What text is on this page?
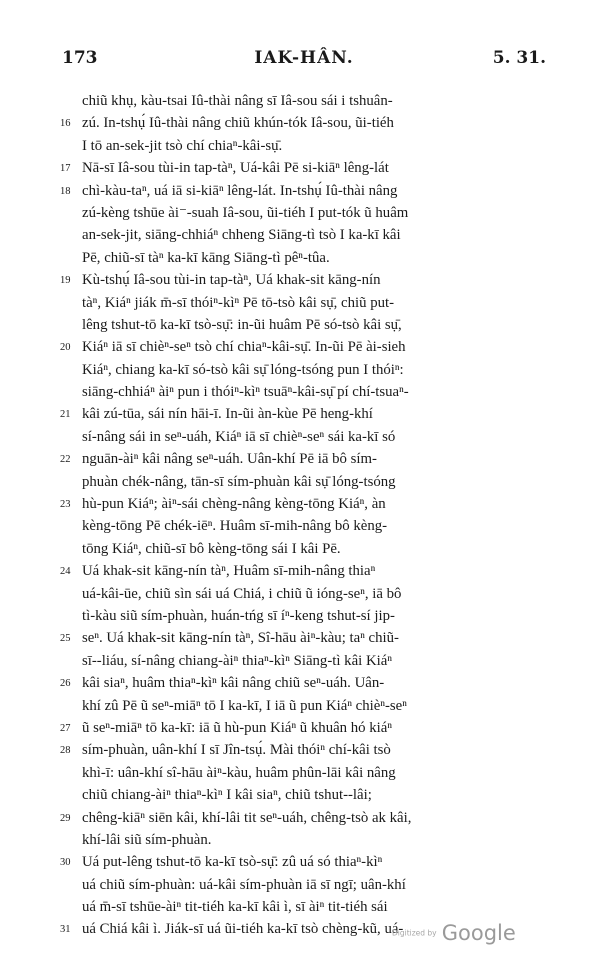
173	IAK-HÂN.	5. 31.
chiũ khụ, kàu-tsai Iû-thài nâng sī Iâ-sou sái i tshuân-
16 zú. In-tshụ́ Iû-thài nâng chiũ khún-tók Iâ-sou, ũi-tiéh
I tō an-sek-jit tsò chí chiaⁿ-kâi-sụ̄.
17 Nā-sī Iâ-sou tùi-in tap-tàⁿ, Uá-kâi Pē si-kiāⁿ lêng-lát
18 chì-kàu-taⁿ, uá iā si-kiāⁿ lêng-lát. In-tshụ́ Iû-thài nâng
zú-kèng tshūe ài⁻-suah Iâ-sou, ũi-tiéh I put-tók ũ huâm
an-sek-jit, siāng-chhiáⁿ chheng Siāng-tì tsò I ka-kī kâi
Pē, chiũ-sī tàⁿ ka-kī kāng Siāng-tì pêⁿ-tûa.
19 Kù-tshụ́ Iâ-sou tùi-in tap-tàⁿ, Uá khak-sit kāng-nín
tàⁿ, Kiáⁿ jiák m̄-sī thóiⁿ-kìⁿ Pē tō-tsò kâi sụ̄, chiũ put-
lêng tshut-tō ka-kī tsò-sụ̄: in-ũi huâm Pē só-tsò kâi sụ̄,
20 Kiáⁿ iā sī chièⁿ-seⁿ tsò chí chiaⁿ-kâi-sụ̄. In-ũi Pē ài-sieh
Kiáⁿ, chiang ka-kī só-tsò kâi sụ̄ lóng-tsóng pun I thóiⁿ:
siāng-chhiáⁿ àiⁿ pun i thóiⁿ-kìⁿ tsuāⁿ-kâi-sụ̄ pí chí-tsuaⁿ-
21 kâi zú-tūa, sái nín hāi-ī. In-ũi àn-kùe Pē heng-khí
sí-nâng sái in seⁿ-uáh, Kiáⁿ iā sī chièⁿ-seⁿ sái ka-kī só
22 nguān-àiⁿ kâi nâng seⁿ-uáh. Uân-khí Pē iā bô sím-
phuàn chék-nâng, tān-sī sím-phuàn kâi sụ̄ lóng-tsóng
23 hù-pun Kiáⁿ; àiⁿ-sái chèng-nâng kèng-tōng Kiáⁿ, àn
kèng-tōng Pē chék-iēⁿ. Huâm sī-mih-nâng bô kèng-
tōng Kiáⁿ, chiũ-sī bô kèng-tōng sái I kâi Pē.
24 Uá khak-sit kāng-nín tàⁿ, Huâm sī-mih-nâng thiaⁿ
uá-kâi-ūe, chiũ sìn sái uá Chiá, i chiũ ũ ióng-seⁿ, iā bô
tì-kàu siũ sím-phuàn, huán-tńg sī íⁿ-keng tshut-sí jip-
25 seⁿ. Uá khak-sit kāng-nín tàⁿ, Sî-hāu àiⁿ-kàu; taⁿ chiũ-
sī--liáu, sí-nâng chiang-àiⁿ thiaⁿ-kìⁿ Siāng-tì kâi Kiáⁿ
26 kâi siaⁿ, huâm thiaⁿ-kìⁿ kâi nâng chiũ seⁿ-uáh. Uân-
khí zû Pē ũ seⁿ-miāⁿ tō I ka-kī, I iā ũ pun Kiáⁿ chièⁿ-seⁿ
27 ũ seⁿ-miāⁿ tō ka-kī: iā ũ hù-pun Kiáⁿ ũ khuân hó kiáⁿ
28 sím-phuàn, uân-khí I sī Jîn-tsụ́. Mài thóiⁿ chí-kâi tsò
khì-ī: uân-khí sî-hāu àiⁿ-kàu, huâm phûn-lāi kâi nâng
chiũ chiang-àiⁿ thiaⁿ-kìⁿ I kâi siaⁿ, chiũ tshut--lâi;
29 chêng-kiāⁿ siēn kâi, khí-lâi tit seⁿ-uáh, chêng-tsò ak kâi,
khí-lâi siũ sím-phuàn.
30 Uá put-lêng tshut-tō ka-kī tsò-sụ̄: zû uá só thiaⁿ-kìⁿ
uá chiũ sím-phuàn: uá-kâi sím-phuàn iā sī ngī; uân-khí
uá m̄-sī tshūe-àiⁿ tit-tiéh ka-kī kâi ì, sī àiⁿ tit-tiéh sái
31 uá Chiá kâi ì. Jiák-sī uá ũi-tiéh ka-kī tsò chèng-kũ, uá-
Digitized by Google
